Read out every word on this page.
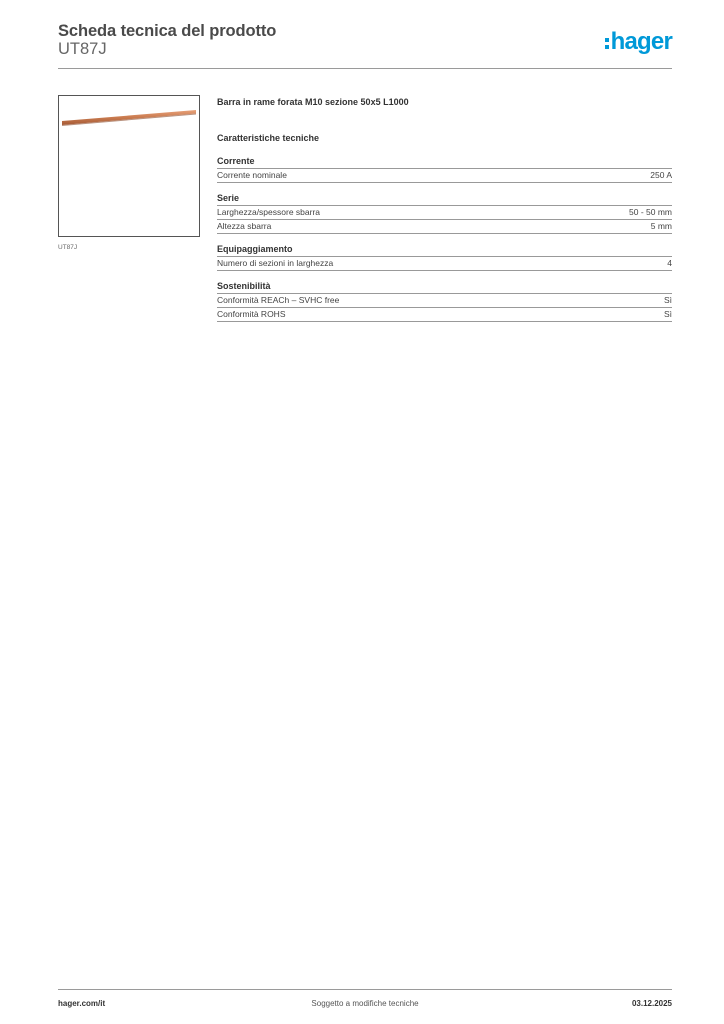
Scheda tecnica del prodotto
UT87J	hager
UT87J
Barra in rame forata M10 sezione 50x5 L1000
Caratteristiche tecniche
Corrente
Corrente nominale	250 A
Serie
Larghezza/spessore sbarra	50 - 50 mm
Altezza sbarra	5 mm
Equipaggiamento
Numero di sezioni in larghezza	4
Sostenibilità
Conformità REACh – SVHC free	Sì
Conformità ROHS	Sì
hager.com/it	Soggetto a modifiche tecniche	03.12.2025
